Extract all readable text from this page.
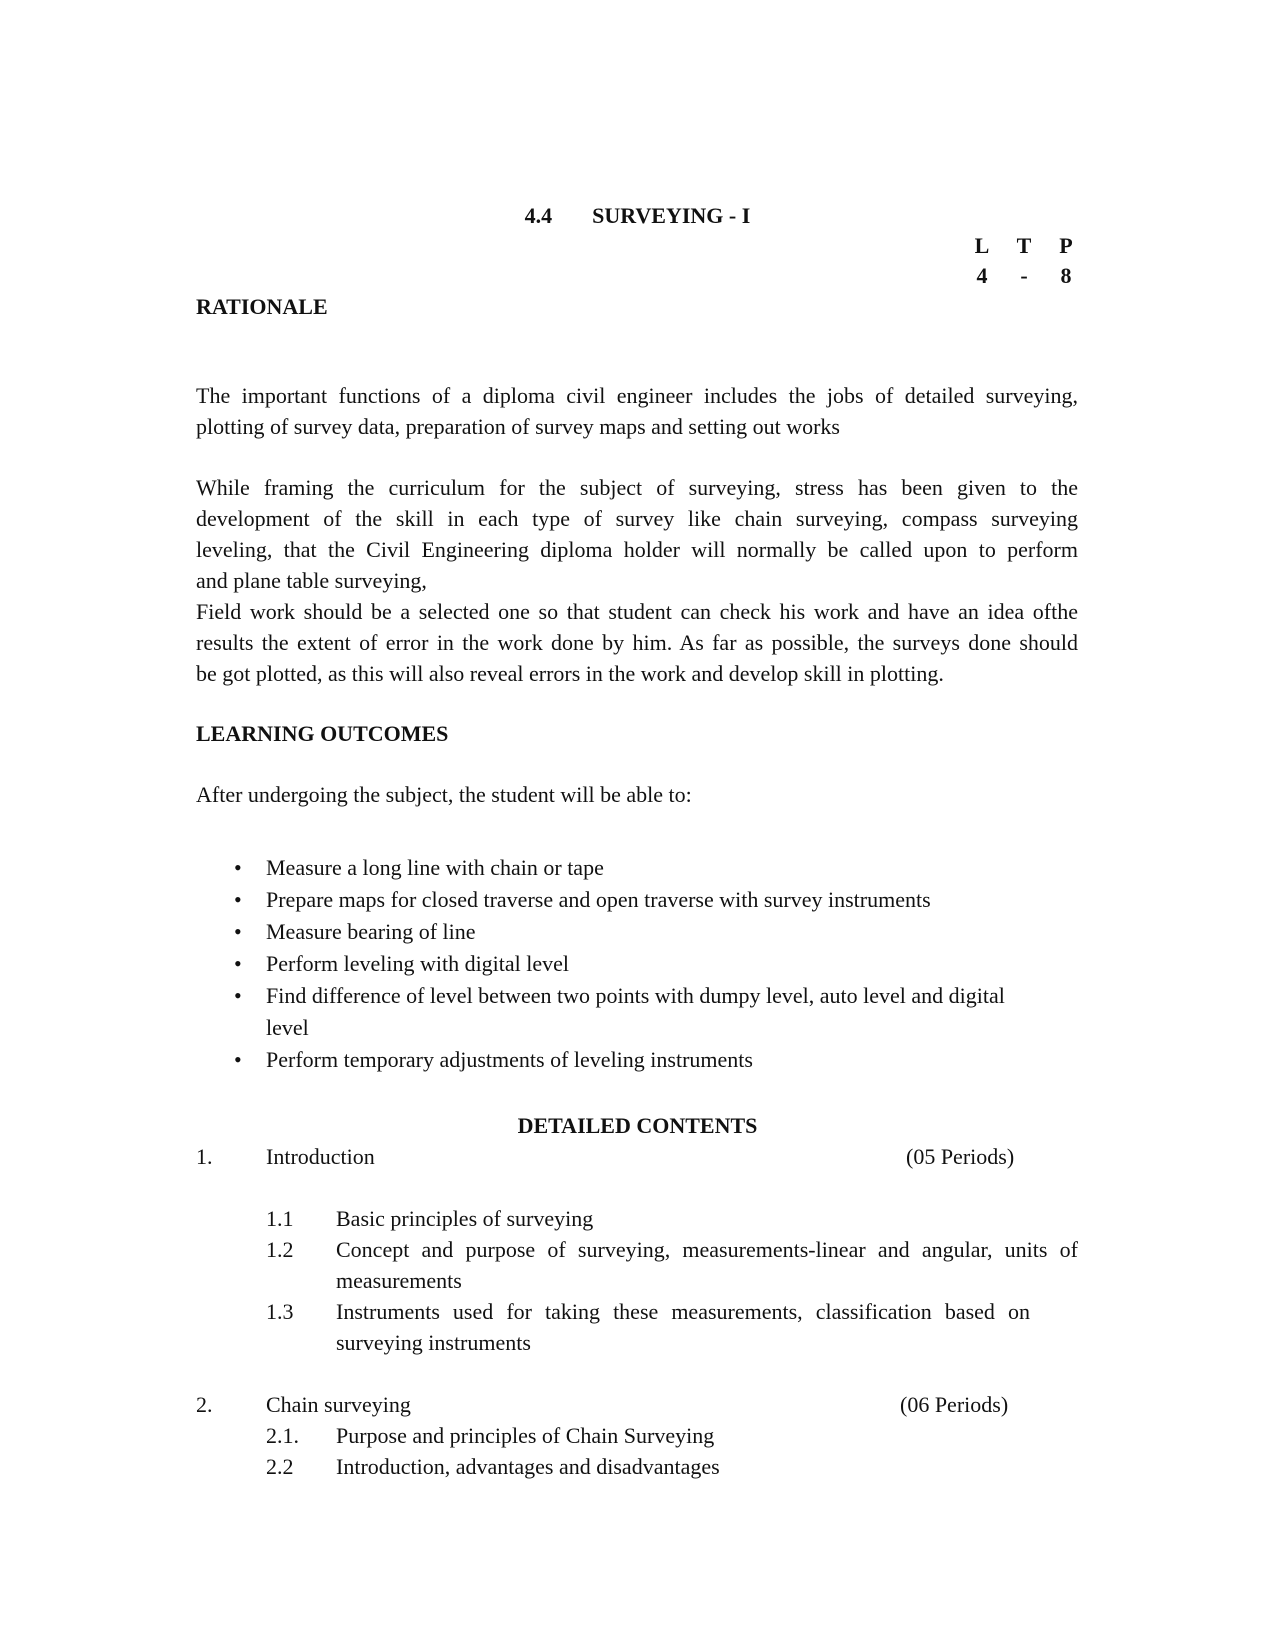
4.4 SURVEYING - I
L T P
4	-	8
RATIONALE
The important functions of a diploma civil engineer includes the jobs of detailed surveying,
plotting of survey data, preparation of survey maps and setting out works
While framing the curriculum for the subject of surveying, stress has been given to the
development of the skill in each type of survey like chain surveying, compass surveying
leveling, that the Civil Engineering diploma holder will normally be called upon to perform
and plane table surveying,
Field work should be a selected one so that student can check his work and have an idea ofthe
results the extent of error in the work done by him. As far as possible, the surveys done should
be got plotted, as this will also reveal errors in the work and develop skill in plotting.
LEARNING OUTCOMES
After undergoing the subject, the student will be able to:
• Measure a long line with chain or tape
• Prepare maps for closed traverse and open traverse with survey instruments
• Measure bearing of line
• Perform leveling with digital level
• Find difference of level between two points with dumpy level, auto level and digital level
• Perform temporary adjustments of leveling instruments
DETAILED CONTENTS
1. Introduction	(05 Periods)
1.1 Basic principles of surveying
1.2 Concept and purpose of surveying, measurements-linear and angular, units of
measurements
1.3 Instruments used for taking these measurements, classification based on
surveying instruments
2. Chain surveying	(06 Periods)
2.1. Purpose and principles of Chain Surveying
2.2 Introduction, advantages and disadvantages
